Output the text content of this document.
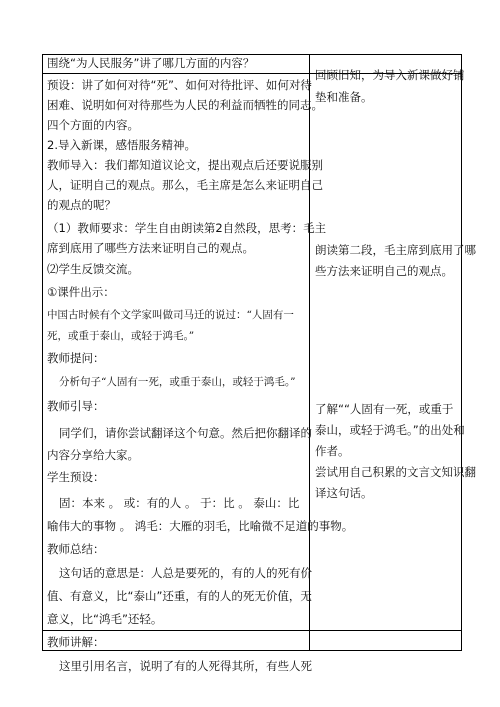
围绕“为人民服务”讲了哪几方面的内容？
预设：讲了如何对待“死”、如何对待批评、如何对待
困难、说明如何对待那些为人民的利益而牺牲的同志。
四个方面的内容。
2.导入新课，感悟服务精神。
教师导入：我们都知道议论文，提出观点后还要说服别
人，证明自己的观点。那么，毛主席是怎么来证明自己
的观点的呢？
（1）教师要求：学生自由朗读第2自然段，思考：毛主
席到底用了哪些方法来证明自己的观点。
⑵学生反馈交流。
①课件出示：
中国古时候有个文学家叫做司马迁的说过：“人固有一
死，或重于泰山，或轻于鸿毛。”
教师提问：
分析句子“人固有一死，或重于泰山，或轻于鸿毛。”
教师引导：
同学们，请你尝试翻译这个句意。然后把你翻译的
内容分享给大家。
学生预设：
固：本来 。 或：有的人 。 于：比 。 泰山：比
喻伟大的事物 。 鸿毛：大雁的羽毛，比喻微不足道的事物。
教师总结：
这句话的意思是：人总是要死的，有的人的死有价
值、有意义，比“泰山”还重，有的人的死无价值，无
意义，比“鸿毛”还轻。
教师讲解：
这里引用名言，说明了有的人死得其所，有些人死
回顾旧知，为导入新课做好铺
垫和准备。
朗读第二段，毛主席到底用了哪
些方法来证明自己的观点。
了解““人固有一死，或重于
泰山，或轻于鸿毛。”的出处和
作者。
尝试用自己积累的文言文知识翻
译这句话。
